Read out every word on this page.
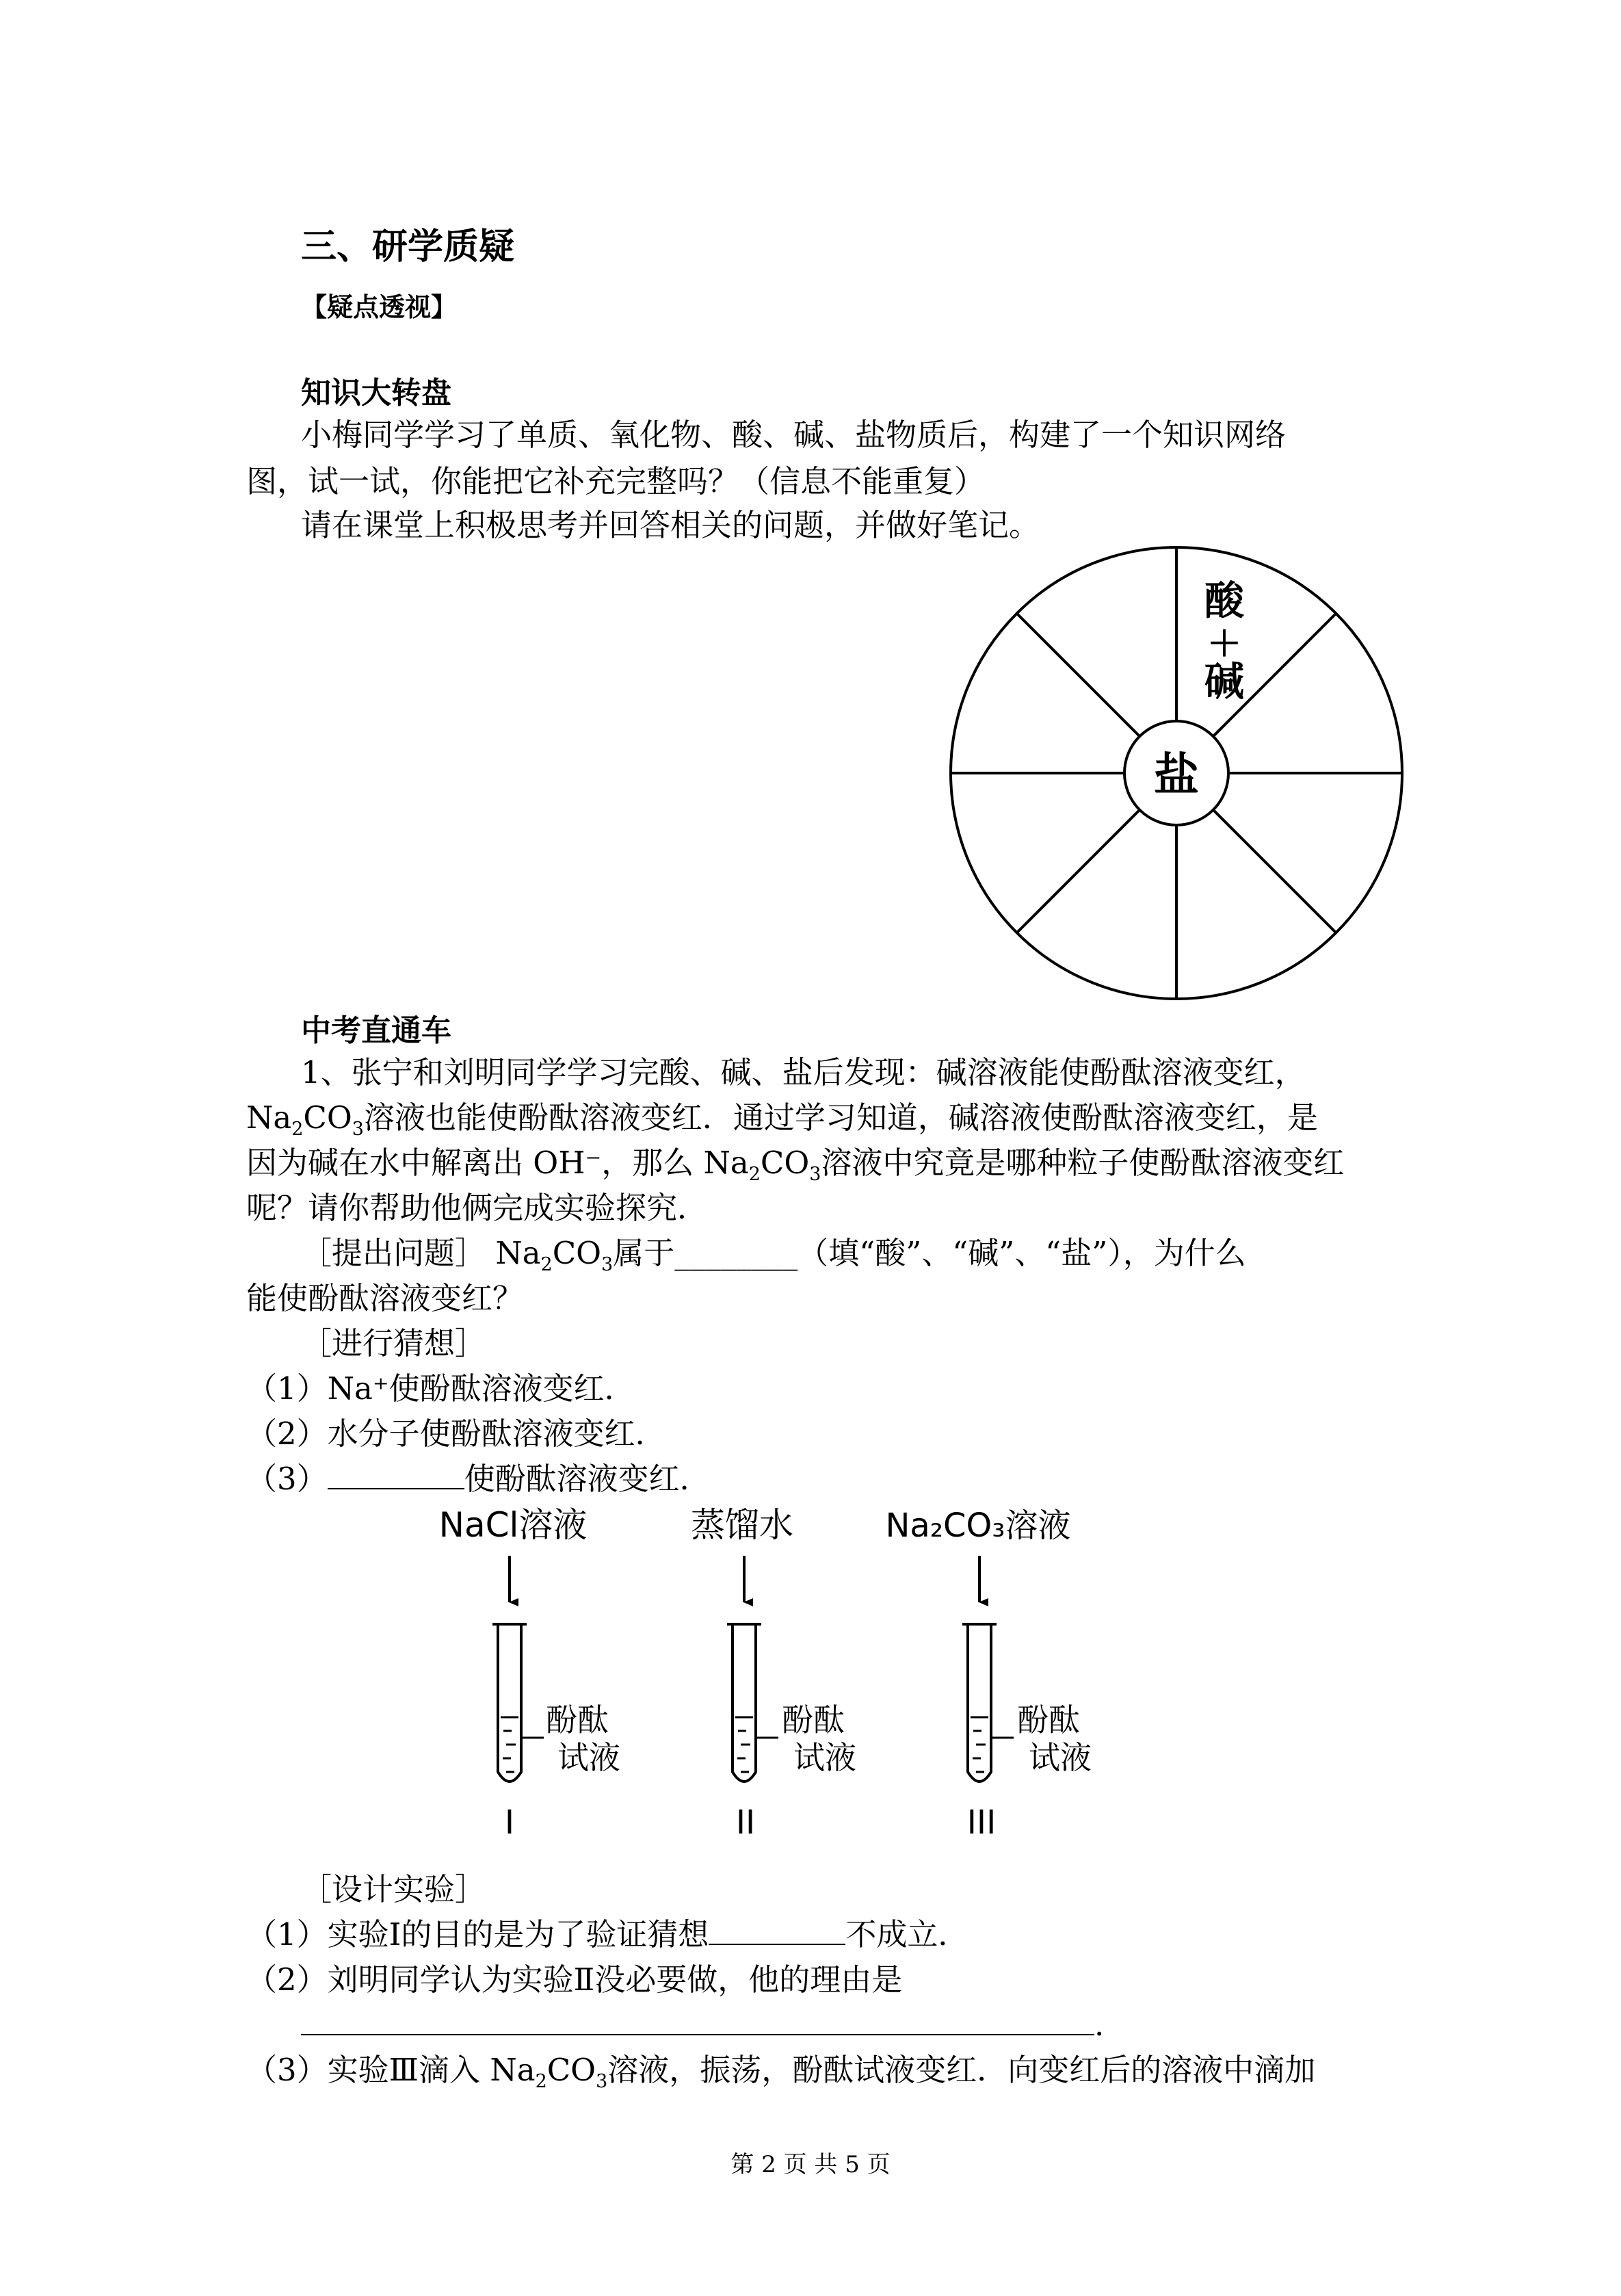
三、研学质疑
【疑点透视】
知识大转盘
小梅同学学习了单质、氧化物、酸、碱、盐物质后，构建了一个知识网络
图，试一试，你能把它补充完整吗？（信息不能重复）
请在课堂上积极思考并回答相关的问题，并做好笔记。
盐
酸
＋
碱
中考直通车
1、张宁和刘明同学学习完酸、碱、盐后发现：碱溶液能使酚酞溶液变红，
$Na_2CO_3$溶液也能使酚酞溶液变红．通过学习知道，碱溶液使酚酞溶液变红，是
因为碱在水中解离出 OH⁻，那么 $Na_2CO_3$溶液中究竟是哪种粒子使酚酞溶液变红
呢？请你帮助他俩完成实验探究．
［提出问题］ $Na_2CO_3$属于________（填“酸”、“碱”、“盐”），为什么
能使酚酞溶液变红？
［进行猜想］
（1）Na⁺使酚酞溶液变红．
（2）水分子使酚酞溶液变红．
（3）	使酚酞溶液变红．
NaCl溶液
酚酞
试液
I
蒸馏水
酚酞
试液
II
Na₂CO₃溶液
酚酞
试液
III
［设计实验］
（1）实验Ⅰ的目的是为了验证猜想	不成立．
（2）刘明同学认为实验Ⅱ没必要做，他的理由是
.
（3）实验Ⅲ滴入 $Na_2CO_3$溶液，振荡，酚酞试液变红．向变红后的溶液中滴加
第 2 页 共 5 页
